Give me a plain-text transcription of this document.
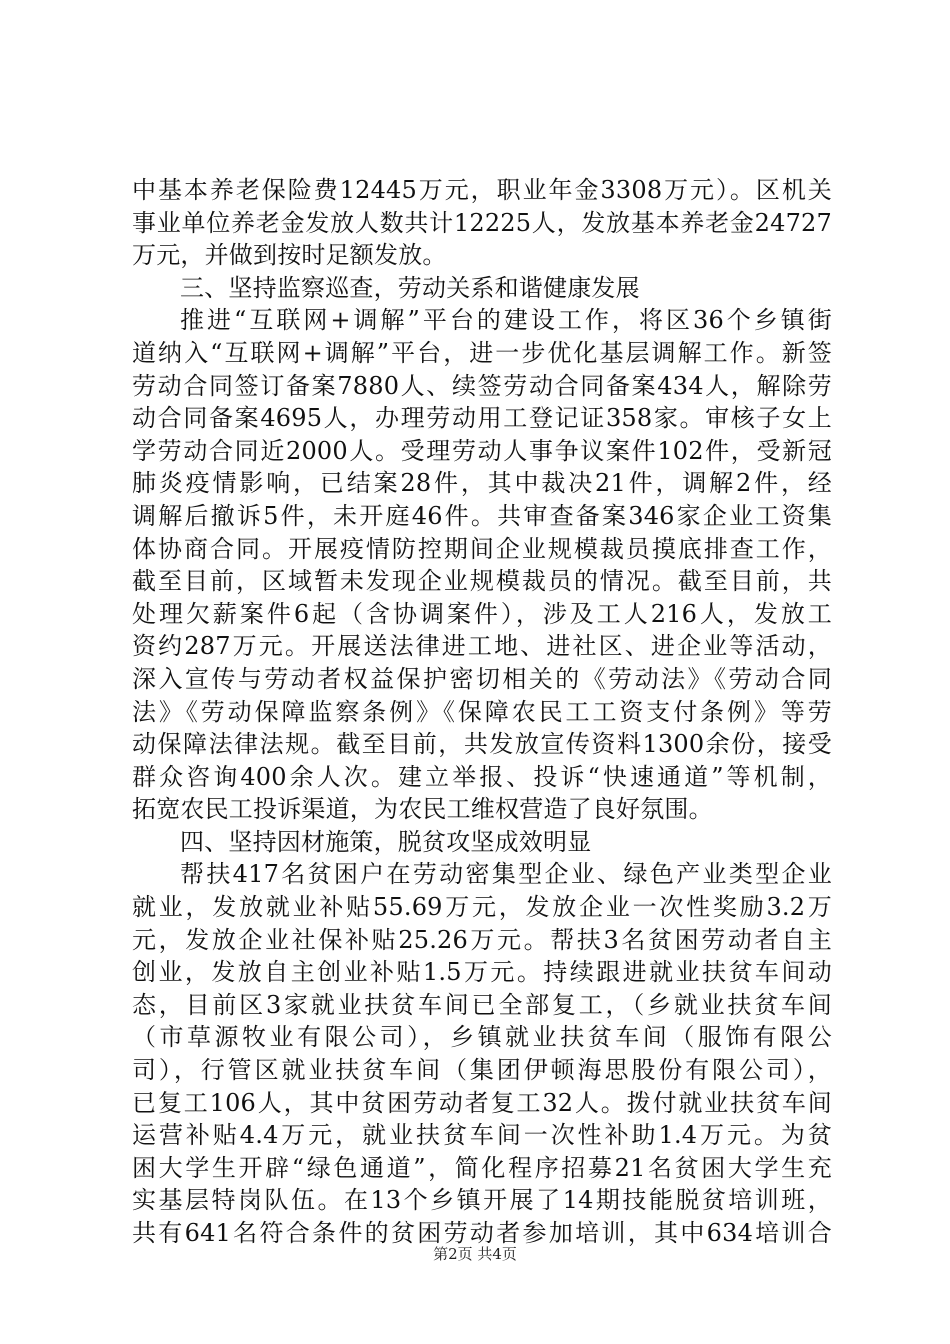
中基本养老保险费12445万元，职业年金3308万元）。区机关
事业单位养老金发放人数共计12225人，发放基本养老金24727
万元，并做到按时足额发放。
三、坚持监察巡查，劳动关系和谐健康发展
推进“互联网+调解”平台的建设工作，将区36个乡镇街
道纳入“互联网+调解”平台，进一步优化基层调解工作。新签
劳动合同签订备案7880人、续签劳动合同备案434人，解除劳
动合同备案4695人，办理劳动用工登记证358家。审核子女上
学劳动合同近2000人。受理劳动人事争议案件102件，受新冠
肺炎疫情影响，已结案28件，其中裁决21件，调解2件，经
调解后撤诉5件，未开庭46件。共审查备案346家企业工资集
体协商合同。开展疫情防控期间企业规模裁员摸底排查工作，
截至目前，区域暂未发现企业规模裁员的情况。截至目前，共
处理欠薪案件6起（含协调案件），涉及工人216人，发放工
资约287万元。开展送法律进工地、进社区、进企业等活动，
深入宣传与劳动者权益保护密切相关的《劳动法》《劳动合同
法》《劳动保障监察条例》《保障农民工工资支付条例》等劳
动保障法律法规。截至目前，共发放宣传资料1300余份，接受
群众咨询400余人次。建立举报、投诉“快速通道”等机制，
拓宽农民工投诉渠道，为农民工维权营造了良好氛围。
四、坚持因材施策，脱贫攻坚成效明显
帮扶417名贫困户在劳动密集型企业、绿色产业类型企业
就业，发放就业补贴55.69万元，发放企业一次性奖励3.2万
元，发放企业社保补贴25.26万元。帮扶3名贫困劳动者自主
创业，发放自主创业补贴1.5万元。持续跟进就业扶贫车间动
态，目前区3家就业扶贫车间已全部复工，（乡就业扶贫车间
（市草源牧业有限公司），乡镇就业扶贫车间（服饰有限公
司），行管区就业扶贫车间（集团伊顿海思股份有限公司），
已复工106人，其中贫困劳动者复工32人。拨付就业扶贫车间
运营补贴4.4万元，就业扶贫车间一次性补助1.4万元。为贫
困大学生开辟“绿色通道”，简化程序招募21名贫困大学生充
实基层特岗队伍。在13个乡镇开展了14期技能脱贫培训班，
共有641名符合条件的贫困劳动者参加培训，其中634培训合
第2页 共4页
